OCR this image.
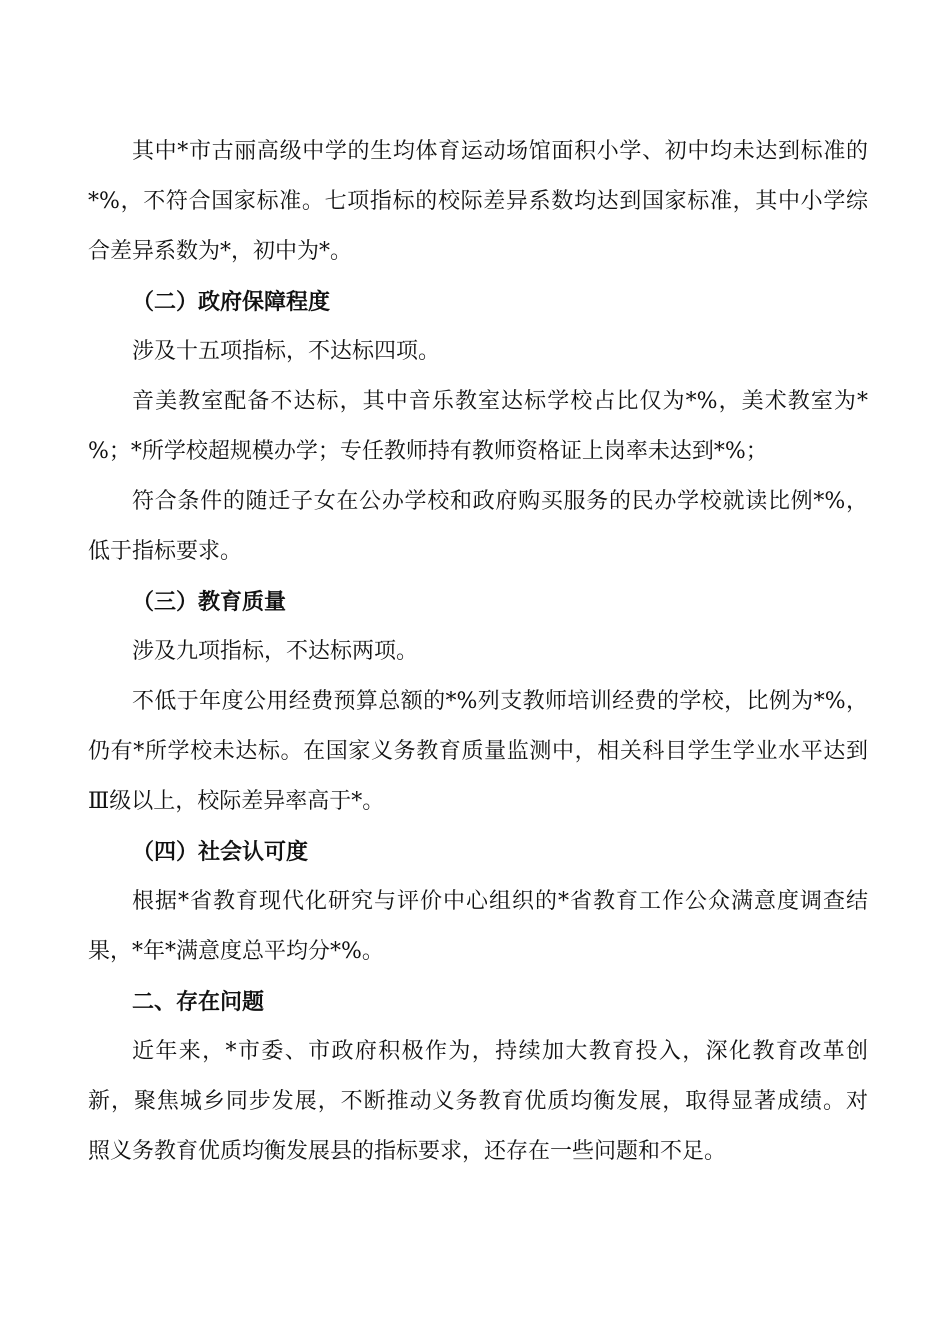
其中*市古丽高级中学的生均体育运动场馆面积小学、初中均未达到标准的
*%，不符合国家标准。七项指标的校际差异系数均达到国家标准，其中小学综
合差异系数为*，初中为*。
（二）政府保障程度
涉及十五项指标，不达标四项。
音美教室配备不达标，其中音乐教室达标学校占比仅为*%，美术教室为*
%；*所学校超规模办学；专任教师持有教师资格证上岗率未达到*%；
符合条件的随迁子女在公办学校和政府购买服务的民办学校就读比例*%，
低于指标要求。
（三）教育质量
涉及九项指标，不达标两项。
不低于年度公用经费预算总额的*%列支教师培训经费的学校，比例为*%，
仍有*所学校未达标。在国家义务教育质量监测中，相关科目学生学业水平达到
Ⅲ级以上，校际差异率高于*。
（四）社会认可度
根据*省教育现代化研究与评价中心组织的*省教育工作公众满意度调查结
果，*年*满意度总平均分*%。
二、存在问题
近年来，*市委、市政府积极作为，持续加大教育投入，深化教育改革创
新，聚焦城乡同步发展，不断推动义务教育优质均衡发展，取得显著成绩。对
照义务教育优质均衡发展县的指标要求，还存在一些问题和不足。
